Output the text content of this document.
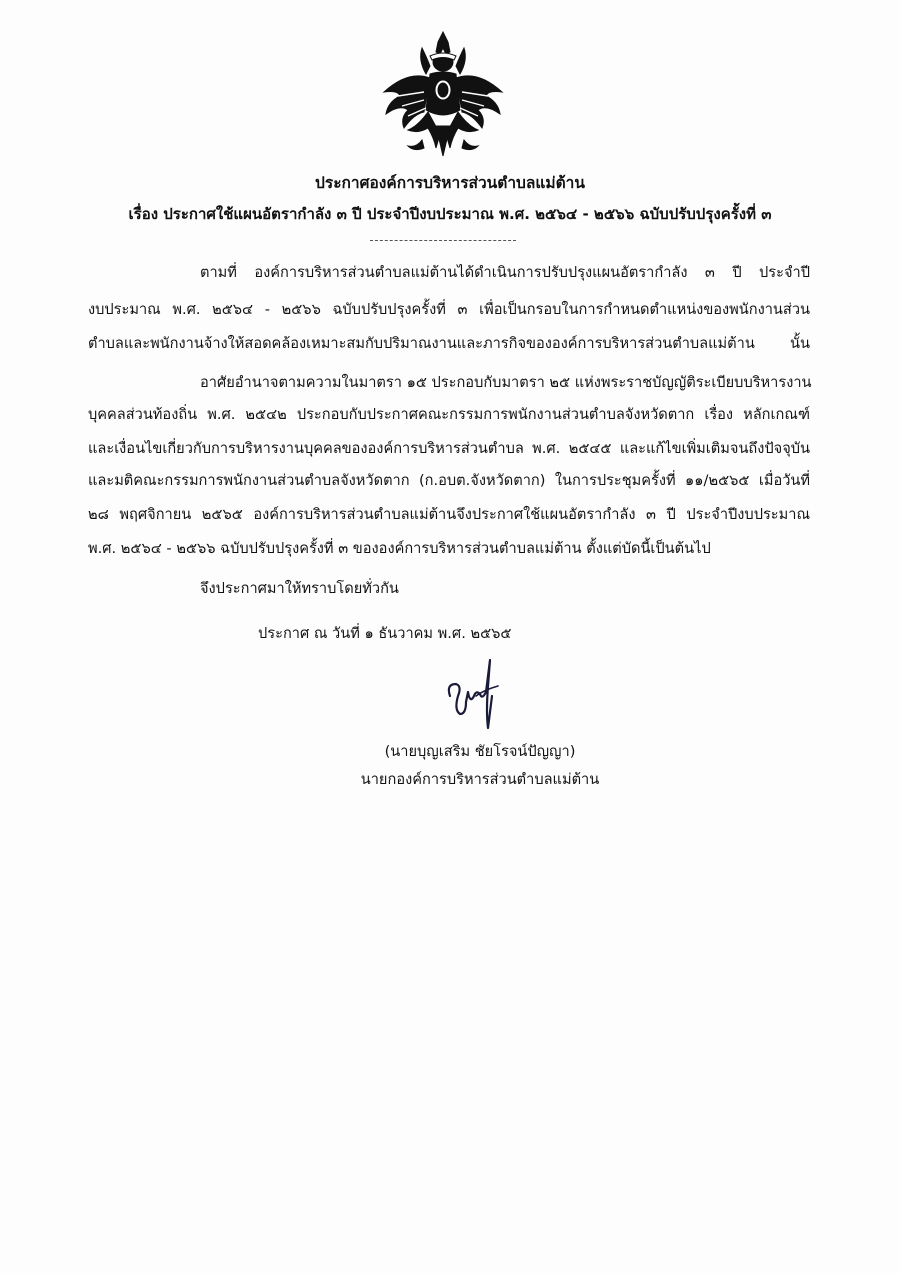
ประกาศองค์การบริหารส่วนตำบลแม่ต้าน
เรื่อง ประกาศใช้แผนอัตรากำลัง ๓ ปี ประจำปีงบประมาณ พ.ศ. ๒๕๖๔ - ๒๕๖๖ ฉบับปรับปรุงครั้งที่ ๓
ตามที่ องค์การบริหารส่วนตำบลแม่ต้านได้ดำเนินการปรับปรุงแผนอัตรากำลัง ๓ ปี ประจำปี
งบประมาณ พ.ศ. ๒๕๖๔ - ๒๕๖๖ ฉบับปรับปรุงครั้งที่ ๓ เพื่อเป็นกรอบในการกำหนดตำแหน่งของพนักงานส่วน
ตำบลและพนักงานจ้างให้สอดคล้องเหมาะสมกับปริมาณงานและภารกิจขององค์การบริหารส่วนตำบลแม่ต้าน นั้น
อาศัยอำนาจตามความในมาตรา ๑๕ ประกอบกับมาตรา ๒๕ แห่งพระราชบัญญัติระเบียบบริหารงาน
บุคคลส่วนท้องถิ่น พ.ศ. ๒๕๔๒ ประกอบกับประกาศคณะกรรมการพนักงานส่วนตำบลจังหวัดตาก เรื่อง หลักเกณฑ์
และเงื่อนไขเกี่ยวกับการบริหารงานบุคคลขององค์การบริหารส่วนตำบล พ.ศ. ๒๕๔๕ และแก้ไขเพิ่มเติมจนถึงปัจจุบัน
และมติคณะกรรมการพนักงานส่วนตำบลจังหวัดตาก (ก.อบต.จังหวัดตาก) ในการประชุมครั้งที่ ๑๑/๒๕๖๕ เมื่อวันที่
๒๘ พฤศจิกายน ๒๕๖๕ องค์การบริหารส่วนตำบลแม่ต้านจึงประกาศใช้แผนอัตรากำลัง ๓ ปี ประจำปีงบประมาณ
พ.ศ. ๒๕๖๔ - ๒๕๖๖ ฉบับปรับปรุงครั้งที่ ๓ ขององค์การบริหารส่วนตำบลแม่ต้าน ตั้งแต่บัดนี้เป็นต้นไป
จึงประกาศมาให้ทราบโดยทั่วกัน
ประกาศ ณ วันที่ ๑ ธันวาคม พ.ศ. ๒๕๖๕
(นายบุญเสริม ชัยโรจน์ปัญญา)
นายกองค์การบริหารส่วนตำบลแม่ต้าน
